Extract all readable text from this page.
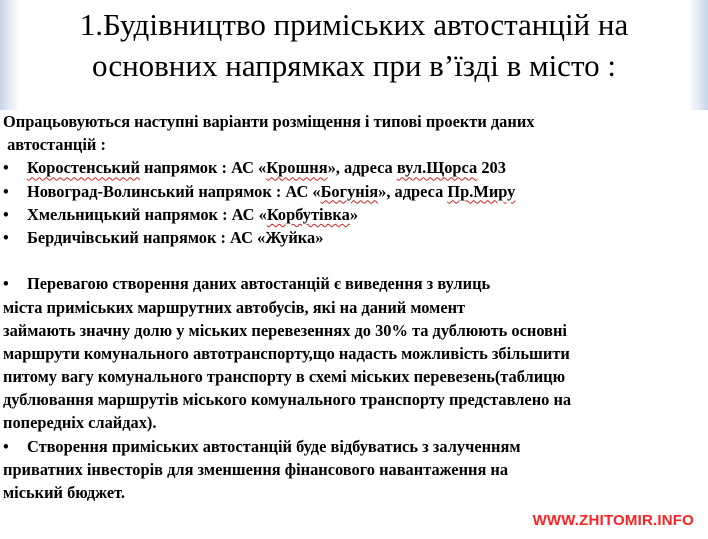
1.Будівництво приміських автостанцій на
основних напрямках при в’їзді в місто :
Опрацьовуються наступні варіанти розміщення і типові проекти даних
автостанцій :
•	Коростенський напрямок : АС «Крошня», адреса вул.Щорса 203
•	Новоград-Волинський напрямок : АС «Богунія», адреса Пр.Миру
•	Хмельницький напрямок : АС «Корбутівка»
•	Бердичівський напрямок : АС «Жуйка»
•	Перевагою створення даних автостанцій є виведення з вулиць
міста приміських маршрутних автобусів, які на даний момент
займають значну долю у міських перевезеннях до 30% та дублюють основні
маршрути комунального автотранспорту,що надасть можливість збільшити
питому вагу комунального транспорту в схемі міських перевезень(таблицю
дублювання маршрутів міського комунального транспорту представлено на
попередніх слайдах).
•	Створення приміських автостанцій буде відбуватись з залученням
приватних інвесторів для зменшення фінансового навантаження на
міський бюджет.
WWW.ZHITOMIR.INFO
